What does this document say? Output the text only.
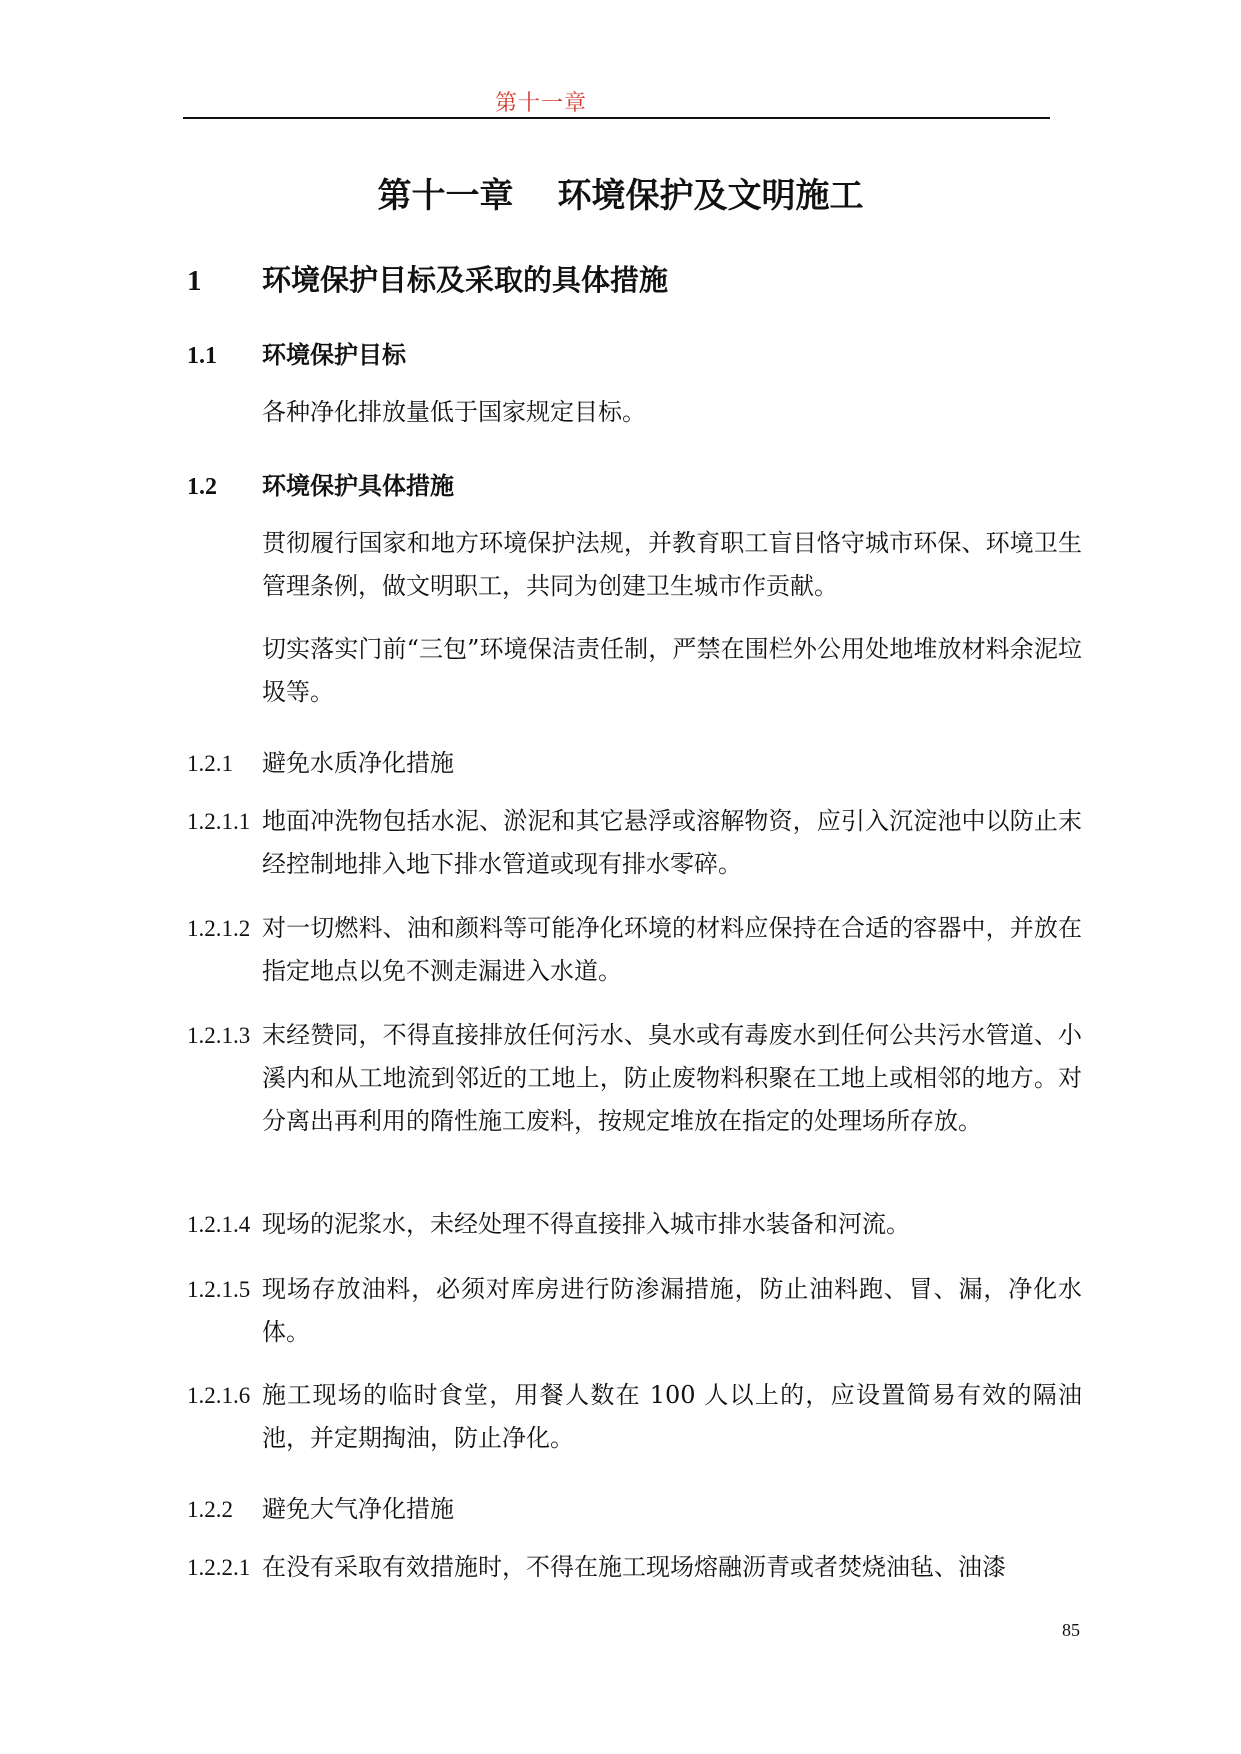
第十一章
第十一章 环境保护及文明施工
1 环境保护目标及采取的具体措施
1.1 环境保护目标
各种净化排放量低于国家规定目标。
1.2 环境保护具体措施
贯彻履行国家和地方环境保护法规，并教育职工盲目恪守城市环保、环境卫生管理条例，做文明职工，共同为创建卫生城市作贡献。
切实落实门前“三包”环境保洁责任制，严禁在围栏外公用处地堆放材料余泥垃圾等。
1.2.1 避免水质净化措施
1.2.1.1 地面冲洗物包括水泥、淤泥和其它悬浮或溶解物资，应引入沉淀池中以防止末经控制地排入地下排水管道或现有排水零碎。
1.2.1.2 对一切燃料、油和颜料等可能净化环境的材料应保持在合适的容器中，并放在指定地点以免不测走漏进入水道。
1.2.1.3 末经赞同，不得直接排放任何污水、臭水或有毒废水到任何公共污水管道、小溪内和从工地流到邻近的工地上，防止废物料积聚在工地上或相邻的地方。对分离出再利用的隋性施工废料，按规定堆放在指定的处理场所存放。
1.2.1.4 现场的泥浆水，未经处理不得直接排入城市排水装备和河流。
1.2.1.5 现场存放油料，必须对库房进行防渗漏措施，防止油料跑、冒、漏，净化水体。
1.2.1.6 施工现场的临时食堂，用餐人数在 100 人以上的，应设置简易有效的隔油池，并定期掏油，防止净化。
1.2.2 避免大气净化措施
1.2.2.1 在没有采取有效措施时，不得在施工现场熔融沥青或者焚烧油毡、油漆
85
